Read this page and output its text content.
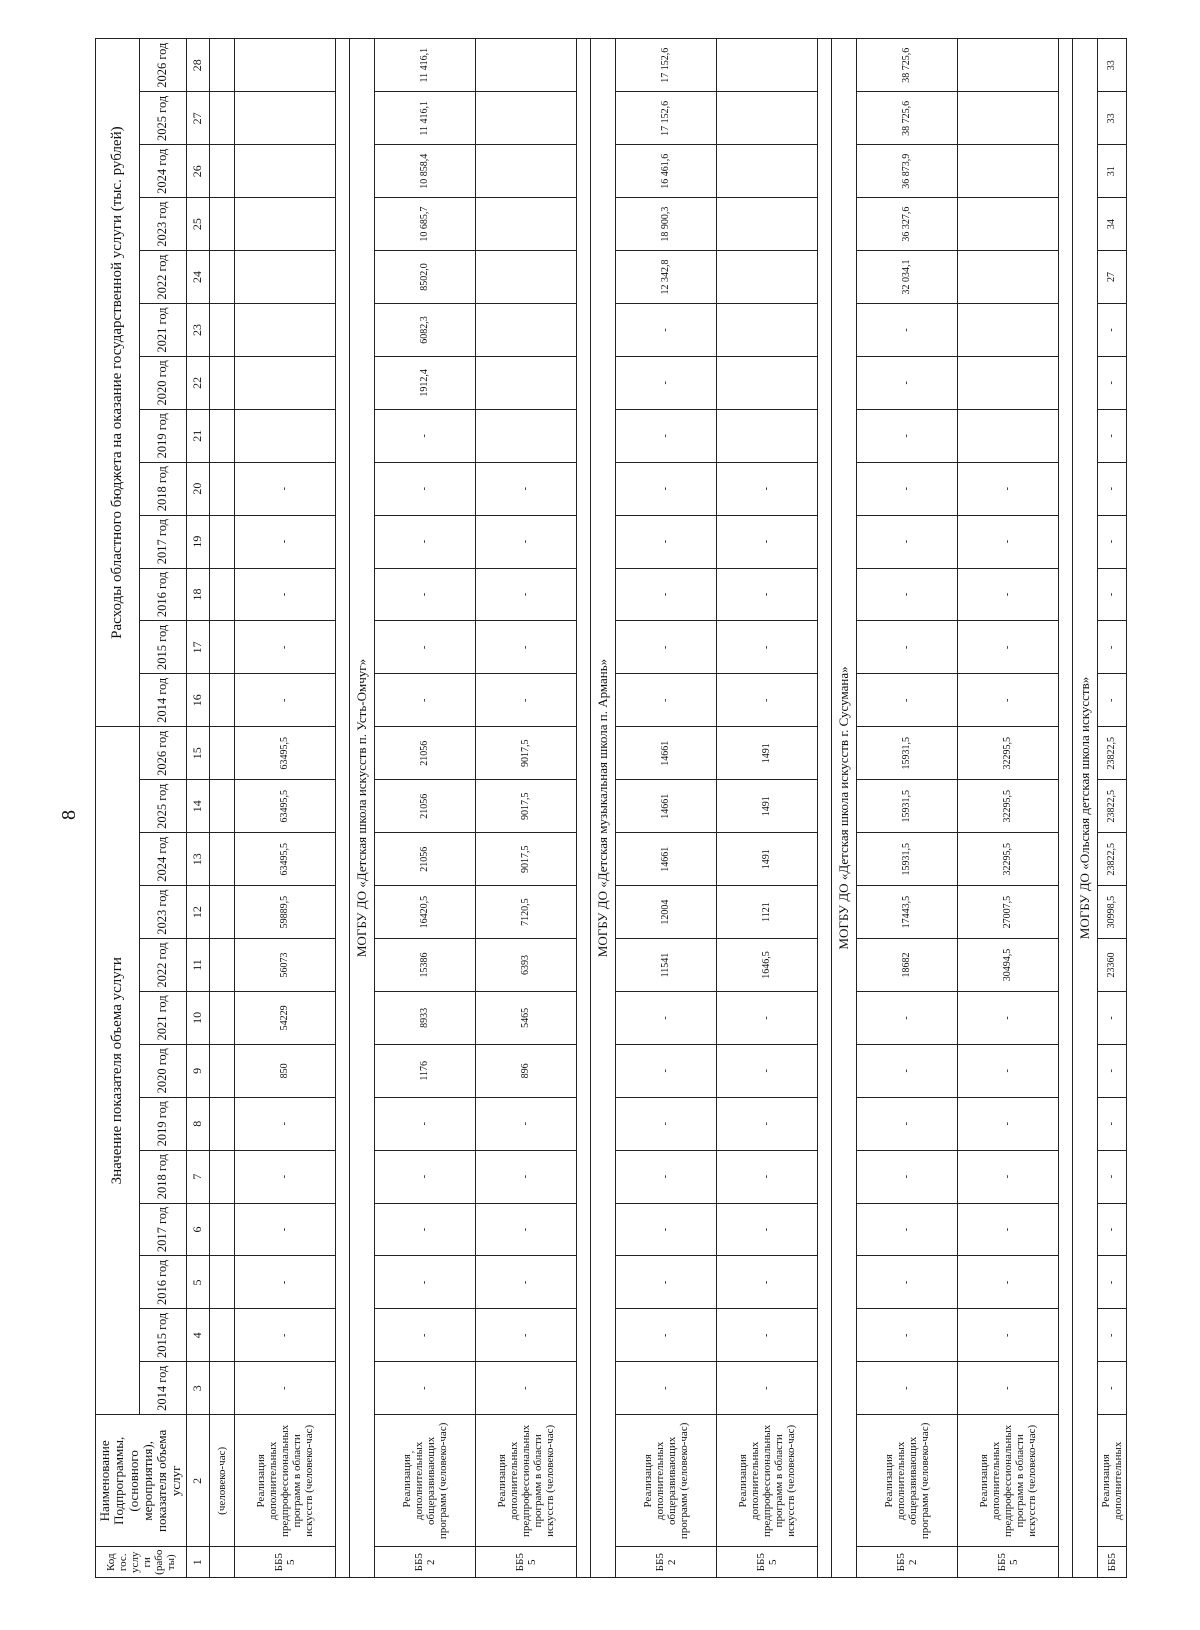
8
‚
Код гос. услуги (работы)	Наименование Подпрограммы, (основного мероприятия), показателя объема услуг	Значение показателя объема услуги													Расходы областного бюджета на оказание государственной услуги (тыс. рублей)												
		2014 год	2015 год	2016 год	2017 год	2018 год	2019 год	2020 год	2021 год	2022 год	2023 год	2024 год	2025 год	2026 год	2014 год	2015 год	2016 год	2017 год	2018 год	2019 год	2020 год	2021 год	2022 год	2023 год	2024 год	2025 год	2026 год
1	2	3	4	5	6	7	8	9	10	11	12	13	14	15	16	17	18	19	20	21	22	23	24	25	26	27	28
	(человеко-час)																										
ББ5 5	Реализация дополнительных предпрофессиональных программ в области искусств (человеко-час)	-	-	-	-	-	-	850	54229	56073	59889,5	63495,5	63495,5	63495,5	-	-	-	-	-								

МОГБУ ДО «Детская школа искусств п. Усть-Омчуг»																											
ББ5 2	Реализация дополнительных общеразвивающих программ (человеко-час)	-	-	-	-	-	-	1176	8933	15386	16420,5	21056	21056	21056	-	-	-	-	-	-	1912,4	6082,3	8502,0	10 685,7	10 858,4	11 416,1	11 416,1
ББ5 5	Реализация дополнительных предпрофессиональных программ в области искусств (человеко-час)	-	-	-	-	-	-	896	5465	6393	7120,5	9017,5	9017,5	9017,5	-	-	-	-	-								

МОГБУ ДО «Детская музыкальная школа п. Армань»																											
ББ5 2	Реализация дополнительных общеразвивающих программ (человеко-час)	-	-	-	-	-	-	-	-	11541	12004	14661	14661	14661	-	-	-	-	-	-	-	-	12 342,8	18 900,3	16 461,6	17 152,6	17 152,6
ББ5 5	Реализация дополнительных предпрофессиональных программ в области искусств (человеко-час)	-	-	-	-	-	-	-	-	1646,5	1121	1491	1491	1491	-	-	-	-	-								

МОГБУ ДО «Детская школа искусств г. Сусумана»																											
ББ5 2	Реализация дополнительных общеразвивающих программ (человеко-час)	-	-	-	-	-	-	-	-	18682	17443,5	15931,5	15931,5	15931,5	-	-	-	-	-	-	-	-	32 034,1	36 327,6	36 873,9	38 725,6	38 725,6
ББ5 5	Реализация дополнительных предпрофессиональных программ в области искусств (человеко-час)	-	-	-	-	-	-	-	-	30494,5	27007,5	32295,5	32295,5	32295,5	-	-	-	-	-								

МОГБУ ДО «Ольская детская школа искусств»																											
ББ5	Реализация дополнительных	-	-	-	-	-	-	-	-	23360	30998,5	23822,5	23822,5	23822,5	-	-	-	-	-	-	-	-	27	34	31	33	33
